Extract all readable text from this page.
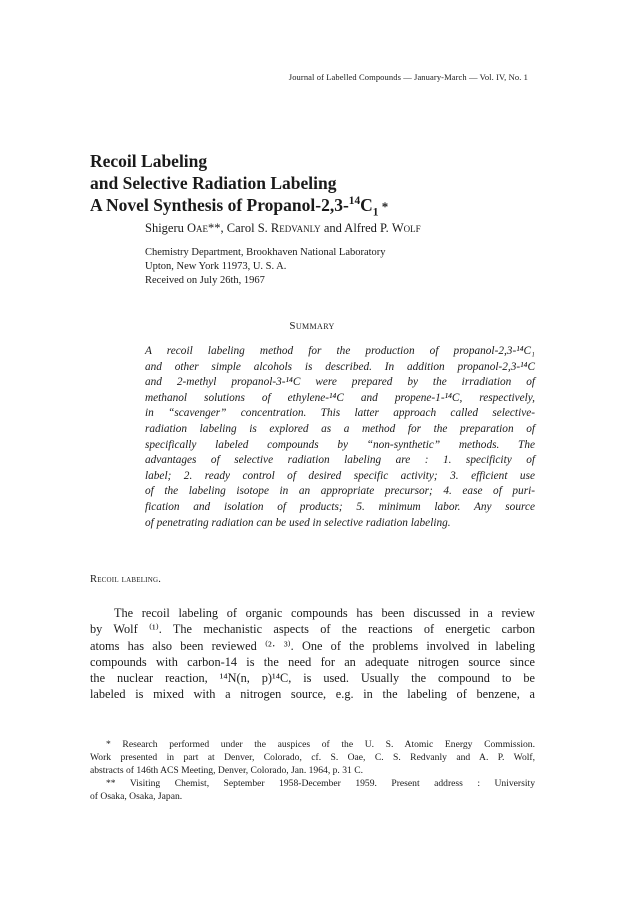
Journal of Labelled Compounds — January-March — Vol. IV, No. 1
Recoil Labeling
and Selective Radiation Labeling
A Novel Synthesis of Propanol-$2,3-^{14}C_1$ *
Shigeru Oae**, Carol S. Redvanly and Alfred P. Wolf
Chemistry Department, Brookhaven National Laboratory
Upton, New York 11973, U. S. A.
Received on July 26th, 1967
Summary
A recoil labeling method for the production of propanol-2,3-¹⁴C₁
and other simple alcohols is described. In addition propanol-2,3-¹⁴C
and 2-methyl propanol-3-¹⁴C were prepared by the irradiation of
methanol solutions of ethylene-¹⁴C and propene-1-¹⁴C, respectively,
in “scavenger” concentration. This latter approach called selective-
radiation labeling is explored as a method for the preparation of
specifically labeled compounds by “non-synthetic” methods. The
advantages of selective radiation labeling are : 1. specificity of
label; 2. ready control of desired specific activity; 3. efficient use
of the labeling isotope in an appropriate precursor; 4. ease of puri-
fication and isolation of products; 5. minimum labor. Any source
of penetrating radiation can be used in selective radiation labeling.
Recoil labeling.
The recoil labeling of organic compounds has been discussed in a review
by Wolf ⁽¹⁾. The mechanistic aspects of the reactions of energetic carbon
atoms has also been reviewed ⁽²· ³⁾. One of the problems involved in labeling
compounds with carbon-14 is the need for an adequate nitrogen source since
the nuclear reaction, ¹⁴N(n, p)¹⁴C, is used. Usually the compound to be
labeled is mixed with a nitrogen source, e.g. in the labeling of benzene, a
* Research performed under the auspices of the U. S. Atomic Energy Commission.
Work presented in part at Denver, Colorado, cf. S. Oae, C. S. Redvanly and A. P. Wolf,
abstracts of 146th ACS Meeting, Denver, Colorado, Jan. 1964, p. 31 C.
** Visiting Chemist, September 1958-December 1959. Present address : University
of Osaka, Osaka, Japan.
